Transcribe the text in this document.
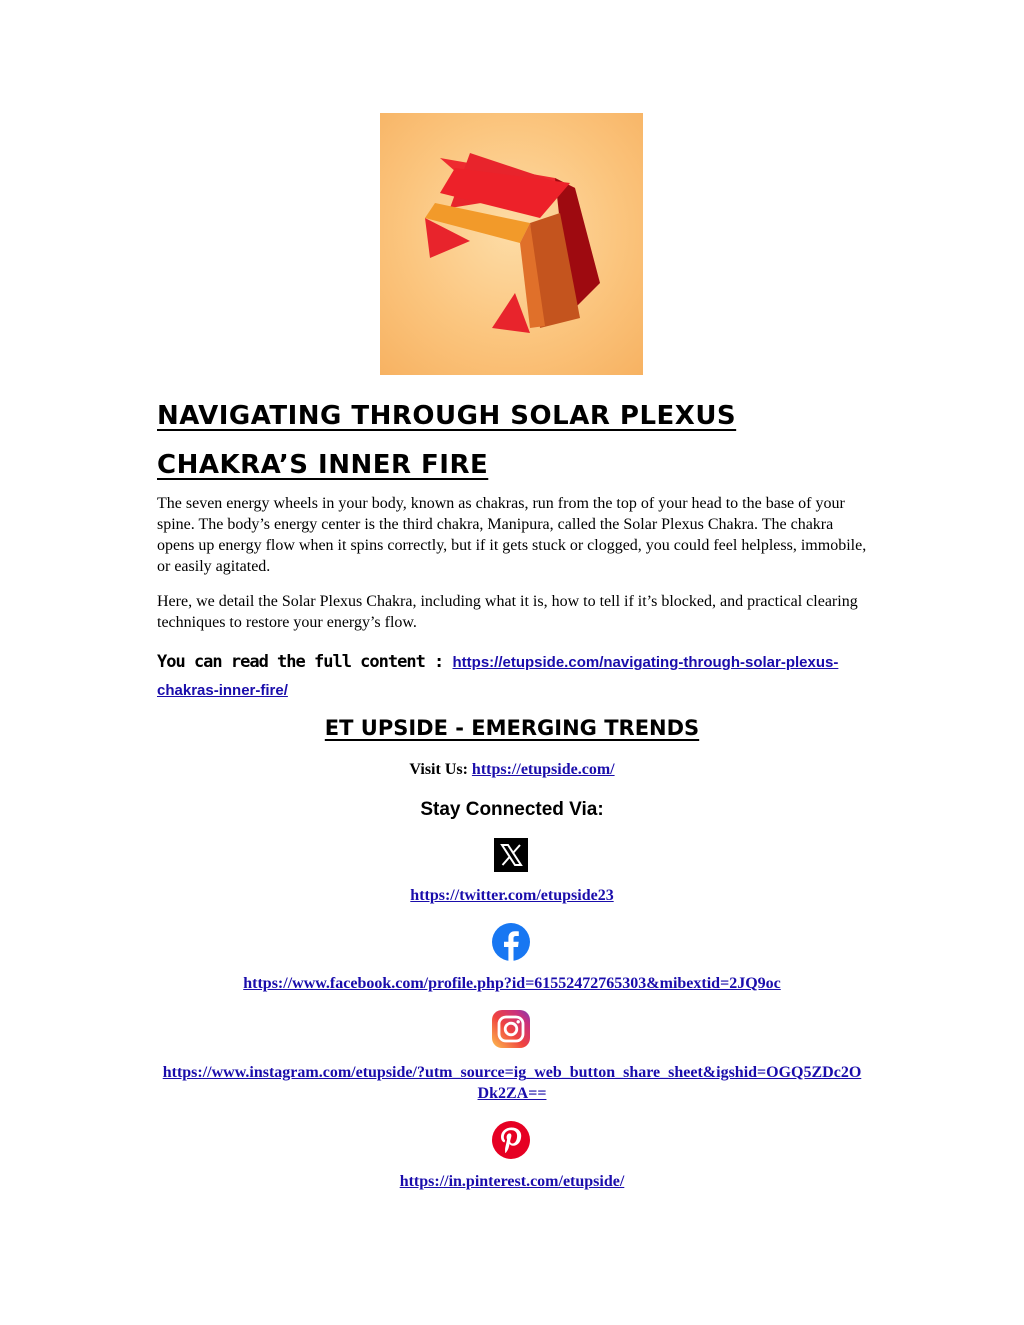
NAVIGATING THROUGH SOLAR PLEXUS
CHAKRA’S INNER FIRE

The seven energy wheels in your body, known as chakras, run from the top of your head to the base of your spine. The body’s energy center is the third chakra, Manipura, called the Solar Plexus Chakra. The chakra opens up energy flow when it spins correctly, but if it gets stuck or clogged, you could feel helpless, immobile, or easily agitated.

Here, we detail the Solar Plexus Chakra, including what it is, how to tell if it’s blocked, and practical clearing techniques to restore your energy’s flow.

You can read the full content : https://etupside.com/navigating-through-solar-plexus-chakras-inner-fire/
ET UPSIDE - EMERGING TRENDS
Visit Us: https://etupside.com/
Stay Connected Via:
https://twitter.com/etupside23
https://www.facebook.com/profile.php?id=61552472765303&mibextid=2JQ9oc
https://www.instagram.com/etupside/?utm_source=ig_web_button_share_sheet&igshid=OGQ5ZDc2ODk2ZA==
https://in.pinterest.com/etupside/
